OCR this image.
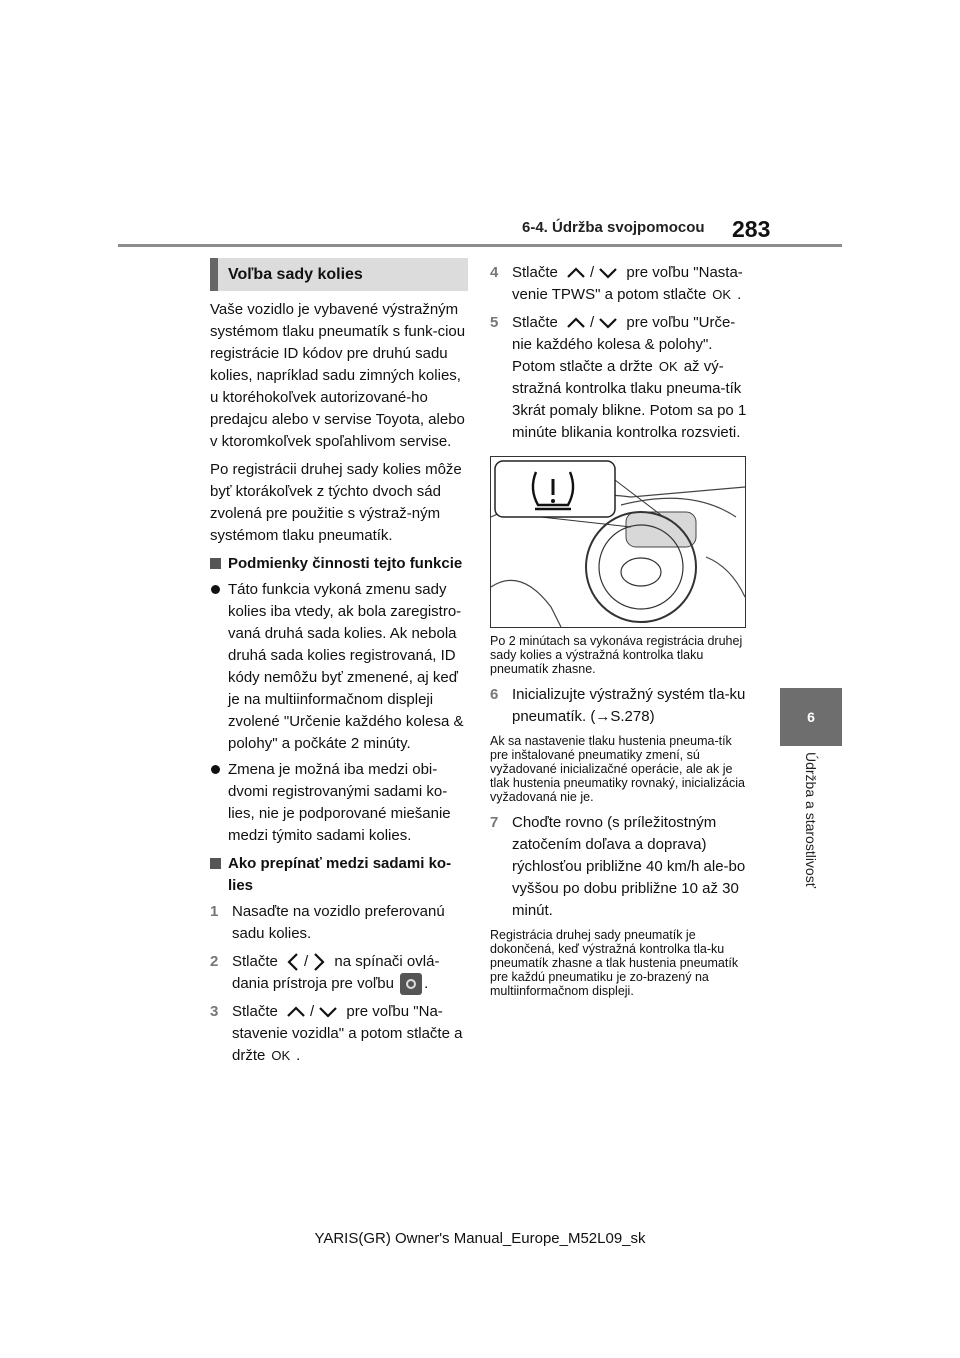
6-4. Údržba svojpomocou 283
6
Údržba a starostlivosť
Voľba sady kolies

Vaše vozidlo je vybavené výstražným systémom tlaku pneumatík s funk-ciou registrácie ID kódov pre druhú sadu kolies, napríklad sadu zimných kolies, u ktoréhokoľvek autorizované-ho predajcu alebo v servise Toyota, alebo v ktoromkoľvek spoľahlivom servise.

Po registrácii druhej sady kolies môže byť ktorákoľvek z týchto dvoch sád zvolená pre použitie s výstraž-ným systémom tlaku pneumatík.

Podmienky činnosti tejto funkcie
Táto funkcia vykoná zmenu sady kolies iba vtedy, ak bola zaregistro-vaná druhá sada kolies. Ak nebola druhá sada kolies registrovaná, ID kódy nemôžu byť zmenené, aj keď je na multiinformačnom displeji zvolené "Určenie každého kolesa & polohy" a počkáte 2 minúty.
Zmena je možná iba medzi obi-dvomi registrovanými sadami ko-lies, nie je podporované miešanie medzi týmito sadami kolies.
Ako prepínať medzi sadami ko-lies
1 Nasaďte na vozidlo preferovanú sadu kolies.
2 Stlačte / na spínači ovlá-dania prístroja pre voľbu .
3 Stlačte / pre voľbu "Na-stavenie vozidla" a potom stlačte a držte OK .
4 Stlačte / pre voľbu "Nasta-venie TPWS" a potom stlačte OK .
5 Stlačte / pre voľbu "Urče-nie každého kolesa & polohy". Potom stlačte a držte OK až vý-stražná kontrolka tlaku pneuma-tík 3krát pomaly blikne. Potom sa po 1 minúte blikania kontrolka rozsvieti.

Po 2 minútach sa vykonáva registrácia druhej sady kolies a výstražná kontrolka tlaku pneumatík zhasne.

6 Inicializujte výstražný systém tla-ku pneumatík. (→S.278)

Ak sa nastavenie tlaku hustenia pneuma-tík pre inštalované pneumatiky zmení, sú vyžadované inicializačné operácie, ale ak je tlak hustenia pneumatiky rovnaký, inicializácia vyžadovaná nie je.

7 Choďte rovno (s príležitostným zatočením doľava a doprava) rýchlosťou približne 40 km/h ale-bo vyššou po dobu približne 10 až 30 minút.

Registrácia druhej sady pneumatík je dokončená, keď výstražná kontrolka tla-ku pneumatík zhasne a tlak hustenia pneumatík pre každú pneumatiku je zo-brazený na multiinformačnom displeji.

YARIS(GR) Owner's Manual_Europe_M52L09_sk
